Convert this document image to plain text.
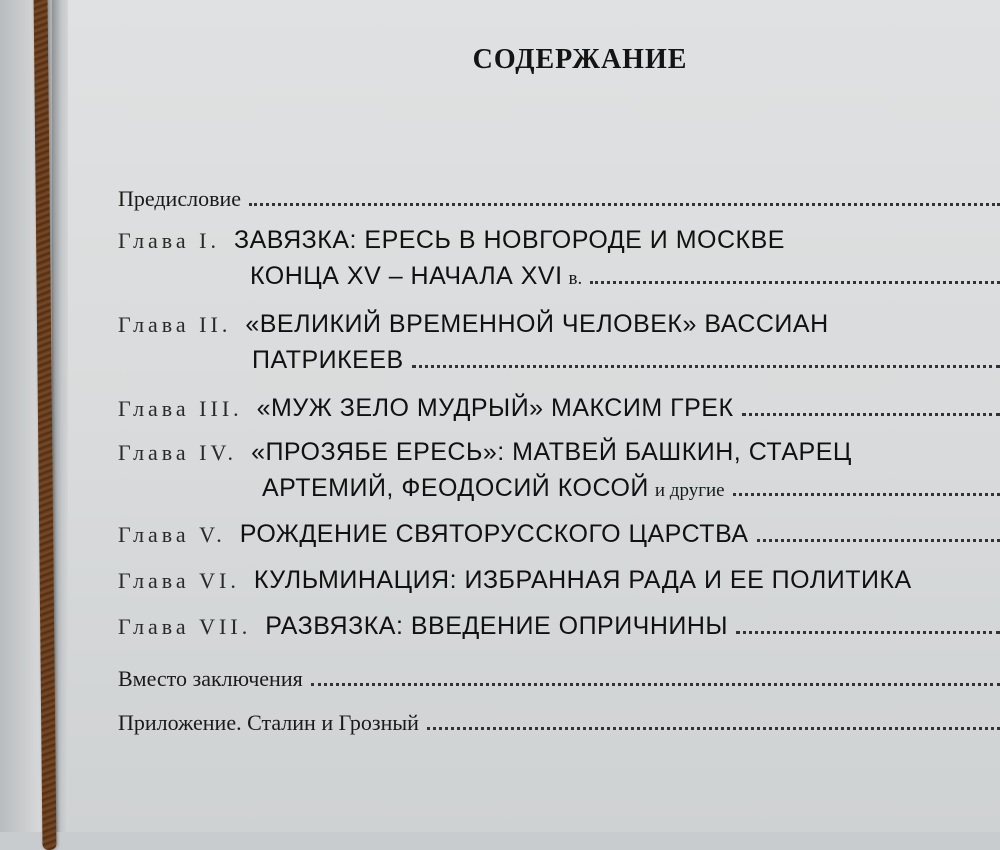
СОДЕРЖАНИЕ
Предисловие
Глава I. ЗАВЯЗКА: ЕРЕСЬ В НОВГОРОДЕ И МОСКВЕ
КОНЦА XV – НАЧАЛА XVI в.
Глава II. «ВЕЛИКИЙ ВРЕМЕННОЙ ЧЕЛОВЕК» ВАССИАН
ПАТРИКЕЕВ
Глава III. «МУЖ ЗЕЛО МУДРЫЙ» МАКСИМ ГРЕК
Глава IV. «ПРОЗЯБЕ ЕРЕСЬ»: МАТВЕЙ БАШКИН, СТАРЕЦ
АРТЕМИЙ, ФЕОДОСИЙ КОСОЙ и другие
Глава V. РОЖДЕНИЕ СВЯТОРУССКОГО ЦАРСТВА
Глава VI. КУЛЬМИНАЦИЯ: ИЗБРАННАЯ РАДА И ЕЕ ПОЛИТИКА
Глава VII. РАЗВЯЗКА: ВВЕДЕНИЕ ОПРИЧНИНЫ
Вместо заключения
Приложение. Сталин и Грозный
